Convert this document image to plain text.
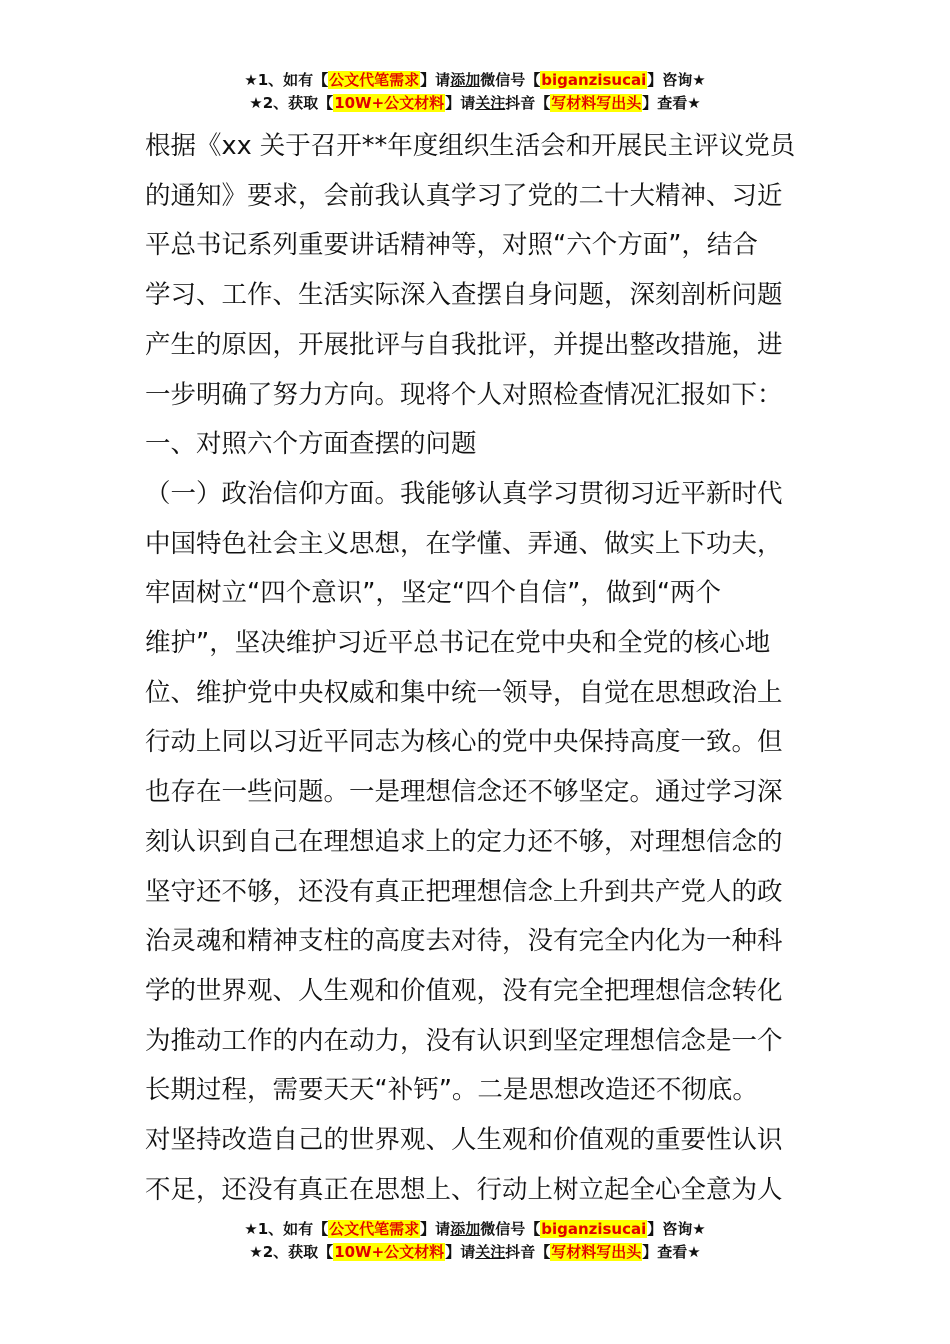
★1、如有【公文代笔需求】请添加微信号【biganzisucai】咨询★
★2、获取【10W+公文材料】请关注抖音【写材料写出头】查看★

根据《xx 关于召开**年度组织生活会和开展民主评议党员

的通知》要求，会前我认真学习了党的二十大精神、习近

平总书记系列重要讲话精神等，对照“六个方面”，结合

学习、工作、生活实际深入查摆自身问题，深刻剖析问题

产生的原因，开展批评与自我批评，并提出整改措施，进

一步明确了努力方向。现将个人对照检查情况汇报如下：

一、对照六个方面查摆的问题

（一）政治信仰方面。我能够认真学习贯彻习近平新时代

中国特色社会主义思想，在学懂、弄通、做实上下功夫，

牢固树立“四个意识”，坚定“四个自信”，做到“两个

维护”，坚决维护习近平总书记在党中央和全党的核心地

位、维护党中央权威和集中统一领导，自觉在思想政治上

行动上同以习近平同志为核心的党中央保持高度一致。但

也存在一些问题。一是理想信念还不够坚定。通过学习深

刻认识到自己在理想追求上的定力还不够，对理想信念的

坚守还不够，还没有真正把理想信念上升到共产党人的政

治灵魂和精神支柱的高度去对待，没有完全内化为一种科

学的世界观、人生观和价值观，没有完全把理想信念转化

为推动工作的内在动力，没有认识到坚定理想信念是一个

长期过程，需要天天“补钙”。二是思想改造还不彻底。

对坚持改造自己的世界观、人生观和价值观的重要性认识

不足，还没有真正在思想上、行动上树立起全心全意为人

★1、如有【公文代笔需求】请添加微信号【biganzisucai】咨询★
★2、获取【10W+公文材料】请关注抖音【写材料写出头】查看★
